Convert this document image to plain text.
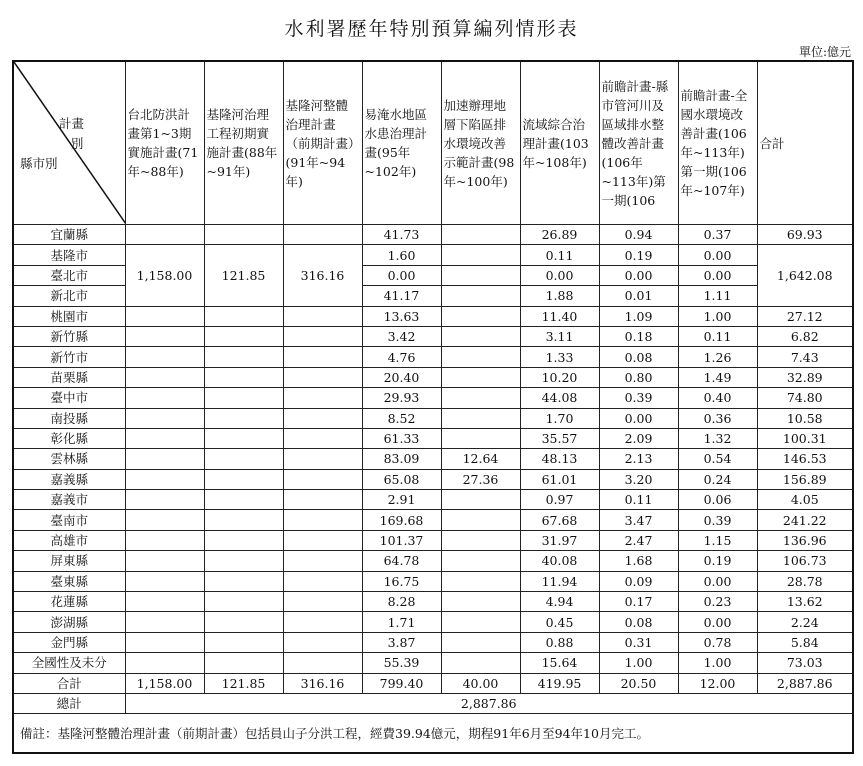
水利署歷年特別預算編列情形表
單位:億元
計畫
別
縣市別	台北防洪計畫第1~3期實施計畫(71年~88年)	基隆河治理工程初期實施計畫(88年~91年)	基隆河整體治理計畫（前期計畫）(91年~94年)	易淹水地區水患治理計畫(95年~102年)	加速辦理地層下陷區排水環境改善示範計畫(98年~100年)	流域綜合治理計畫(103年~108年)	前瞻計畫-縣市管河川及區域排水整體改善計畫(106年~113年)第一期(106	前瞻計畫-全國水環境改善計畫(106年~113年)第一期(106年~107年)	合計
宜蘭縣				41.73		26.89	0.94	0.37	69.93
基隆市	1,158.00	121.85	316.16	1.60		0.11	0.19	0.00	1,642.08
臺北市				0.00		0.00	0.00	0.00	
新北市				41.17		1.88	0.01	1.11	
桃園市				13.63		11.40	1.09	1.00	27.12
新竹縣				3.42		3.11	0.18	0.11	6.82
新竹市				4.76		1.33	0.08	1.26	7.43
苗栗縣				20.40		10.20	0.80	1.49	32.89
臺中市				29.93		44.08	0.39	0.40	74.80
南投縣				8.52		1.70	0.00	0.36	10.58
彰化縣				61.33		35.57	2.09	1.32	100.31
雲林縣				83.09	12.64	48.13	2.13	0.54	146.53
嘉義縣				65.08	27.36	61.01	3.20	0.24	156.89
嘉義市				2.91		0.97	0.11	0.06	4.05
臺南市				169.68		67.68	3.47	0.39	241.22
高雄市				101.37		31.97	2.47	1.15	136.96
屏東縣				64.78		40.08	1.68	0.19	106.73
臺東縣				16.75		11.94	0.09	0.00	28.78
花蓮縣				8.28		4.94	0.17	0.23	13.62
澎湖縣				1.71		0.45	0.08	0.00	2.24
金門縣				3.87		0.88	0.31	0.78	5.84
全國性及未分				55.39		15.64	1.00	1.00	73.03
合計	1,158.00	121.85	316.16	799.40	40.00	419.95	20.50	12.00	2,887.86
總計	2,887.86								
備註：基隆河整體治理計畫（前期計畫）包括員山子分洪工程，經費39.94億元，期程91年6月至94年10月完工。									
